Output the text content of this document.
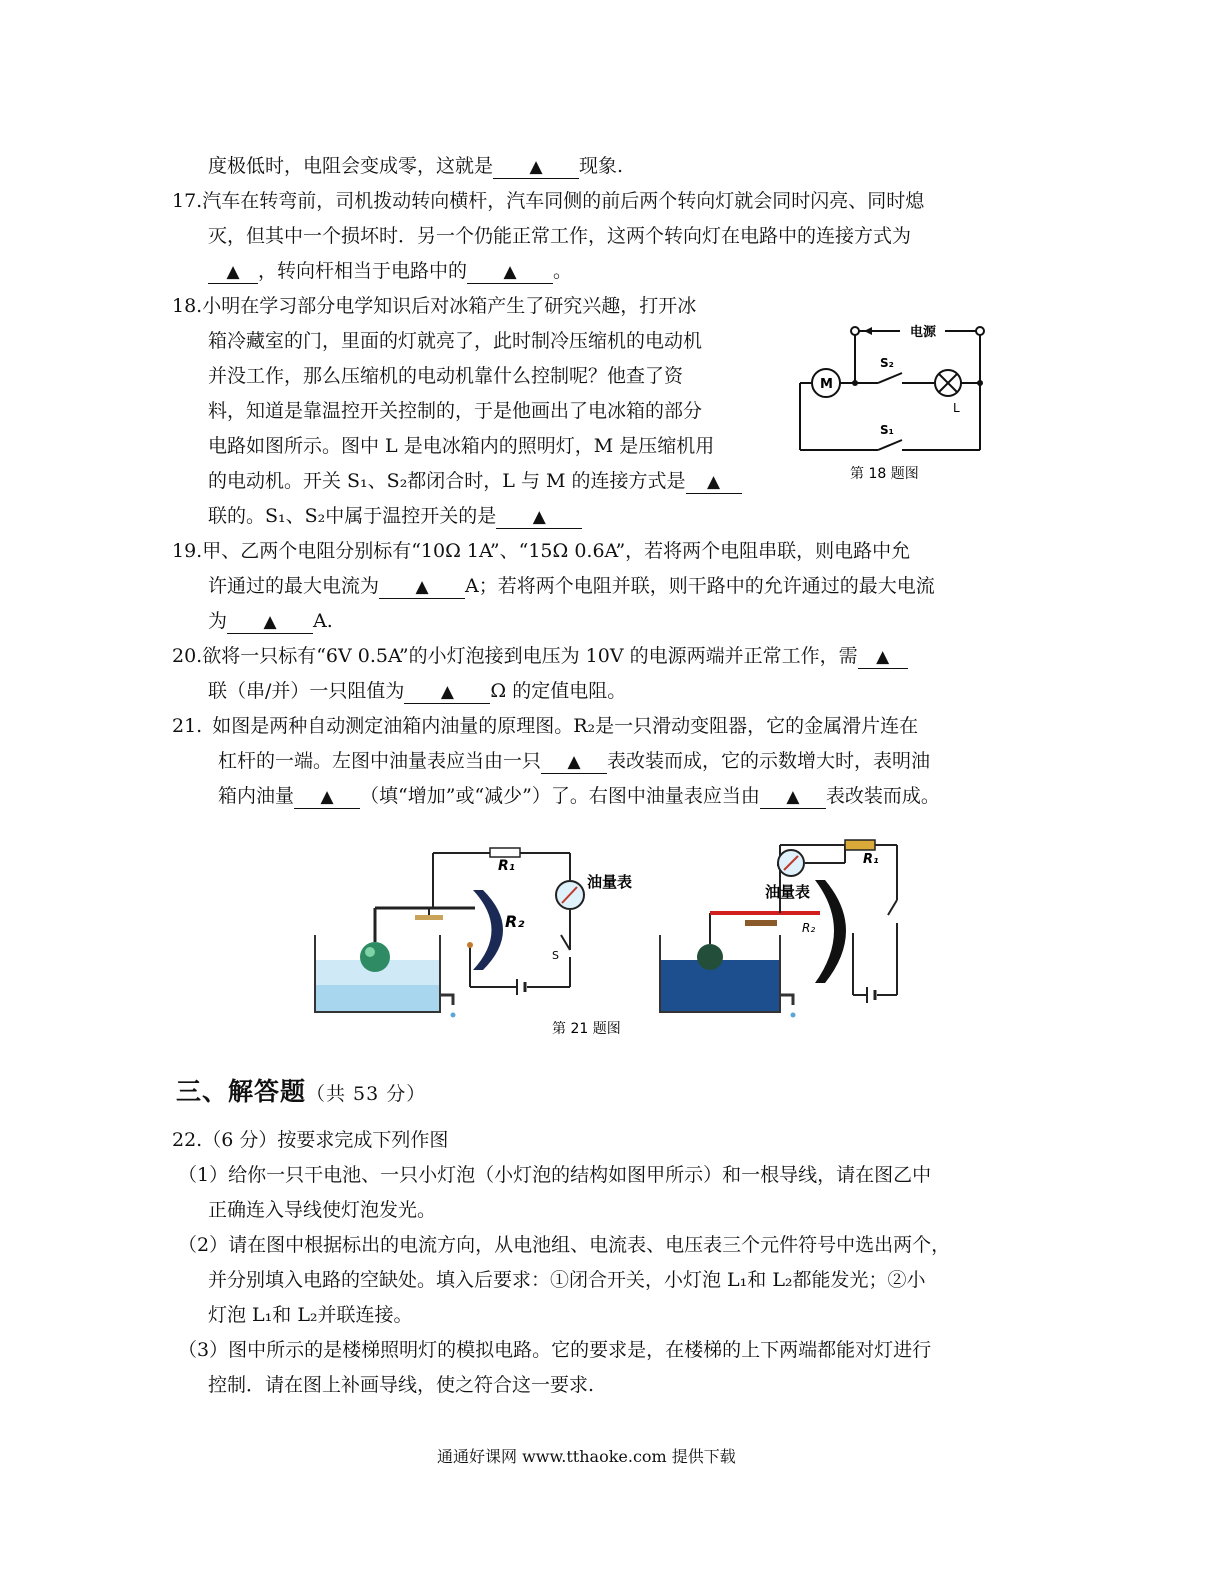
度极低时，电阻会变成零，这就是 ▲ 现象.
17.汽车在转弯前，司机拨动转向横杆，汽车同侧的前后两个转向灯就会同时闪亮、同时熄
灭，但其中一个损坏时．另一个仍能正常工作，这两个转向灯在电路中的连接方式为
▲ ，转向杆相当于电路中的 ▲ 。
18.小明在学习部分电学知识后对冰箱产生了研究兴趣，打开冰
箱冷藏室的门，里面的灯就亮了，此时制冷压缩机的电动机
并没工作，那么压缩机的电动机靠什么控制呢？他查了资
料，知道是靠温控开关控制的，于是他画出了电冰箱的部分
电路如图所示。图中 L 是电冰箱内的照明灯，M 是压缩机用
的电动机。开关 S₁、S₂都闭合时，L 与 M 的连接方式是 ▲
联的。S₁、S₂中属于温控开关的是 ▲
电源
M
L
S₂
S₁
第 18 题图
19.甲、乙两个电阻分别标有“10Ω 1A”、“15Ω 0.6A”，若将两个电阻串联，则电路中允
许通过的最大电流为 ▲ A；若将两个电阻并联，则干路中的允许通过的最大电流
为 ▲ A.
20.欲将一只标有“6V 0.5A”的小灯泡接到电压为 10V 的电源两端并正常工作，需 ▲
联（串/并）一只阻值为 ▲ Ω 的定值电阻。
21. 如图是两种自动测定油箱内油量的原理图。R₂是一只滑动变阻器，它的金属滑片连在
杠杆的一端。左图中油量表应当由一只 ▲ 表改装而成，它的示数增大时，表明油
箱内油量 ▲ （填“增加”或“减少”）了。右图中油量表应当由 ▲ 表改装而成。
R₁
R₂
油量表
S
R₁
油量表
R₂
第 21 题图
三、解答题（共 53 分）
22.（6 分）按要求完成下列作图
（1）给你一只干电池、一只小灯泡（小灯泡的结构如图甲所示）和一根导线，请在图乙中
正确连入导线使灯泡发光。
（2）请在图中根据标出的电流方向，从电池组、电流表、电压表三个元件符号中选出两个，
并分别填入电路的空缺处。填入后要求：①闭合开关，小灯泡 L₁和 L₂都能发光；②小
灯泡 L₁和 L₂并联连接。
（3）图中所示的是楼梯照明灯的模拟电路。它的要求是，在楼梯的上下两端都能对灯进行
控制．请在图上补画导线，使之符合这一要求.
通通好课网 www.tthaoke.com 提供下载
